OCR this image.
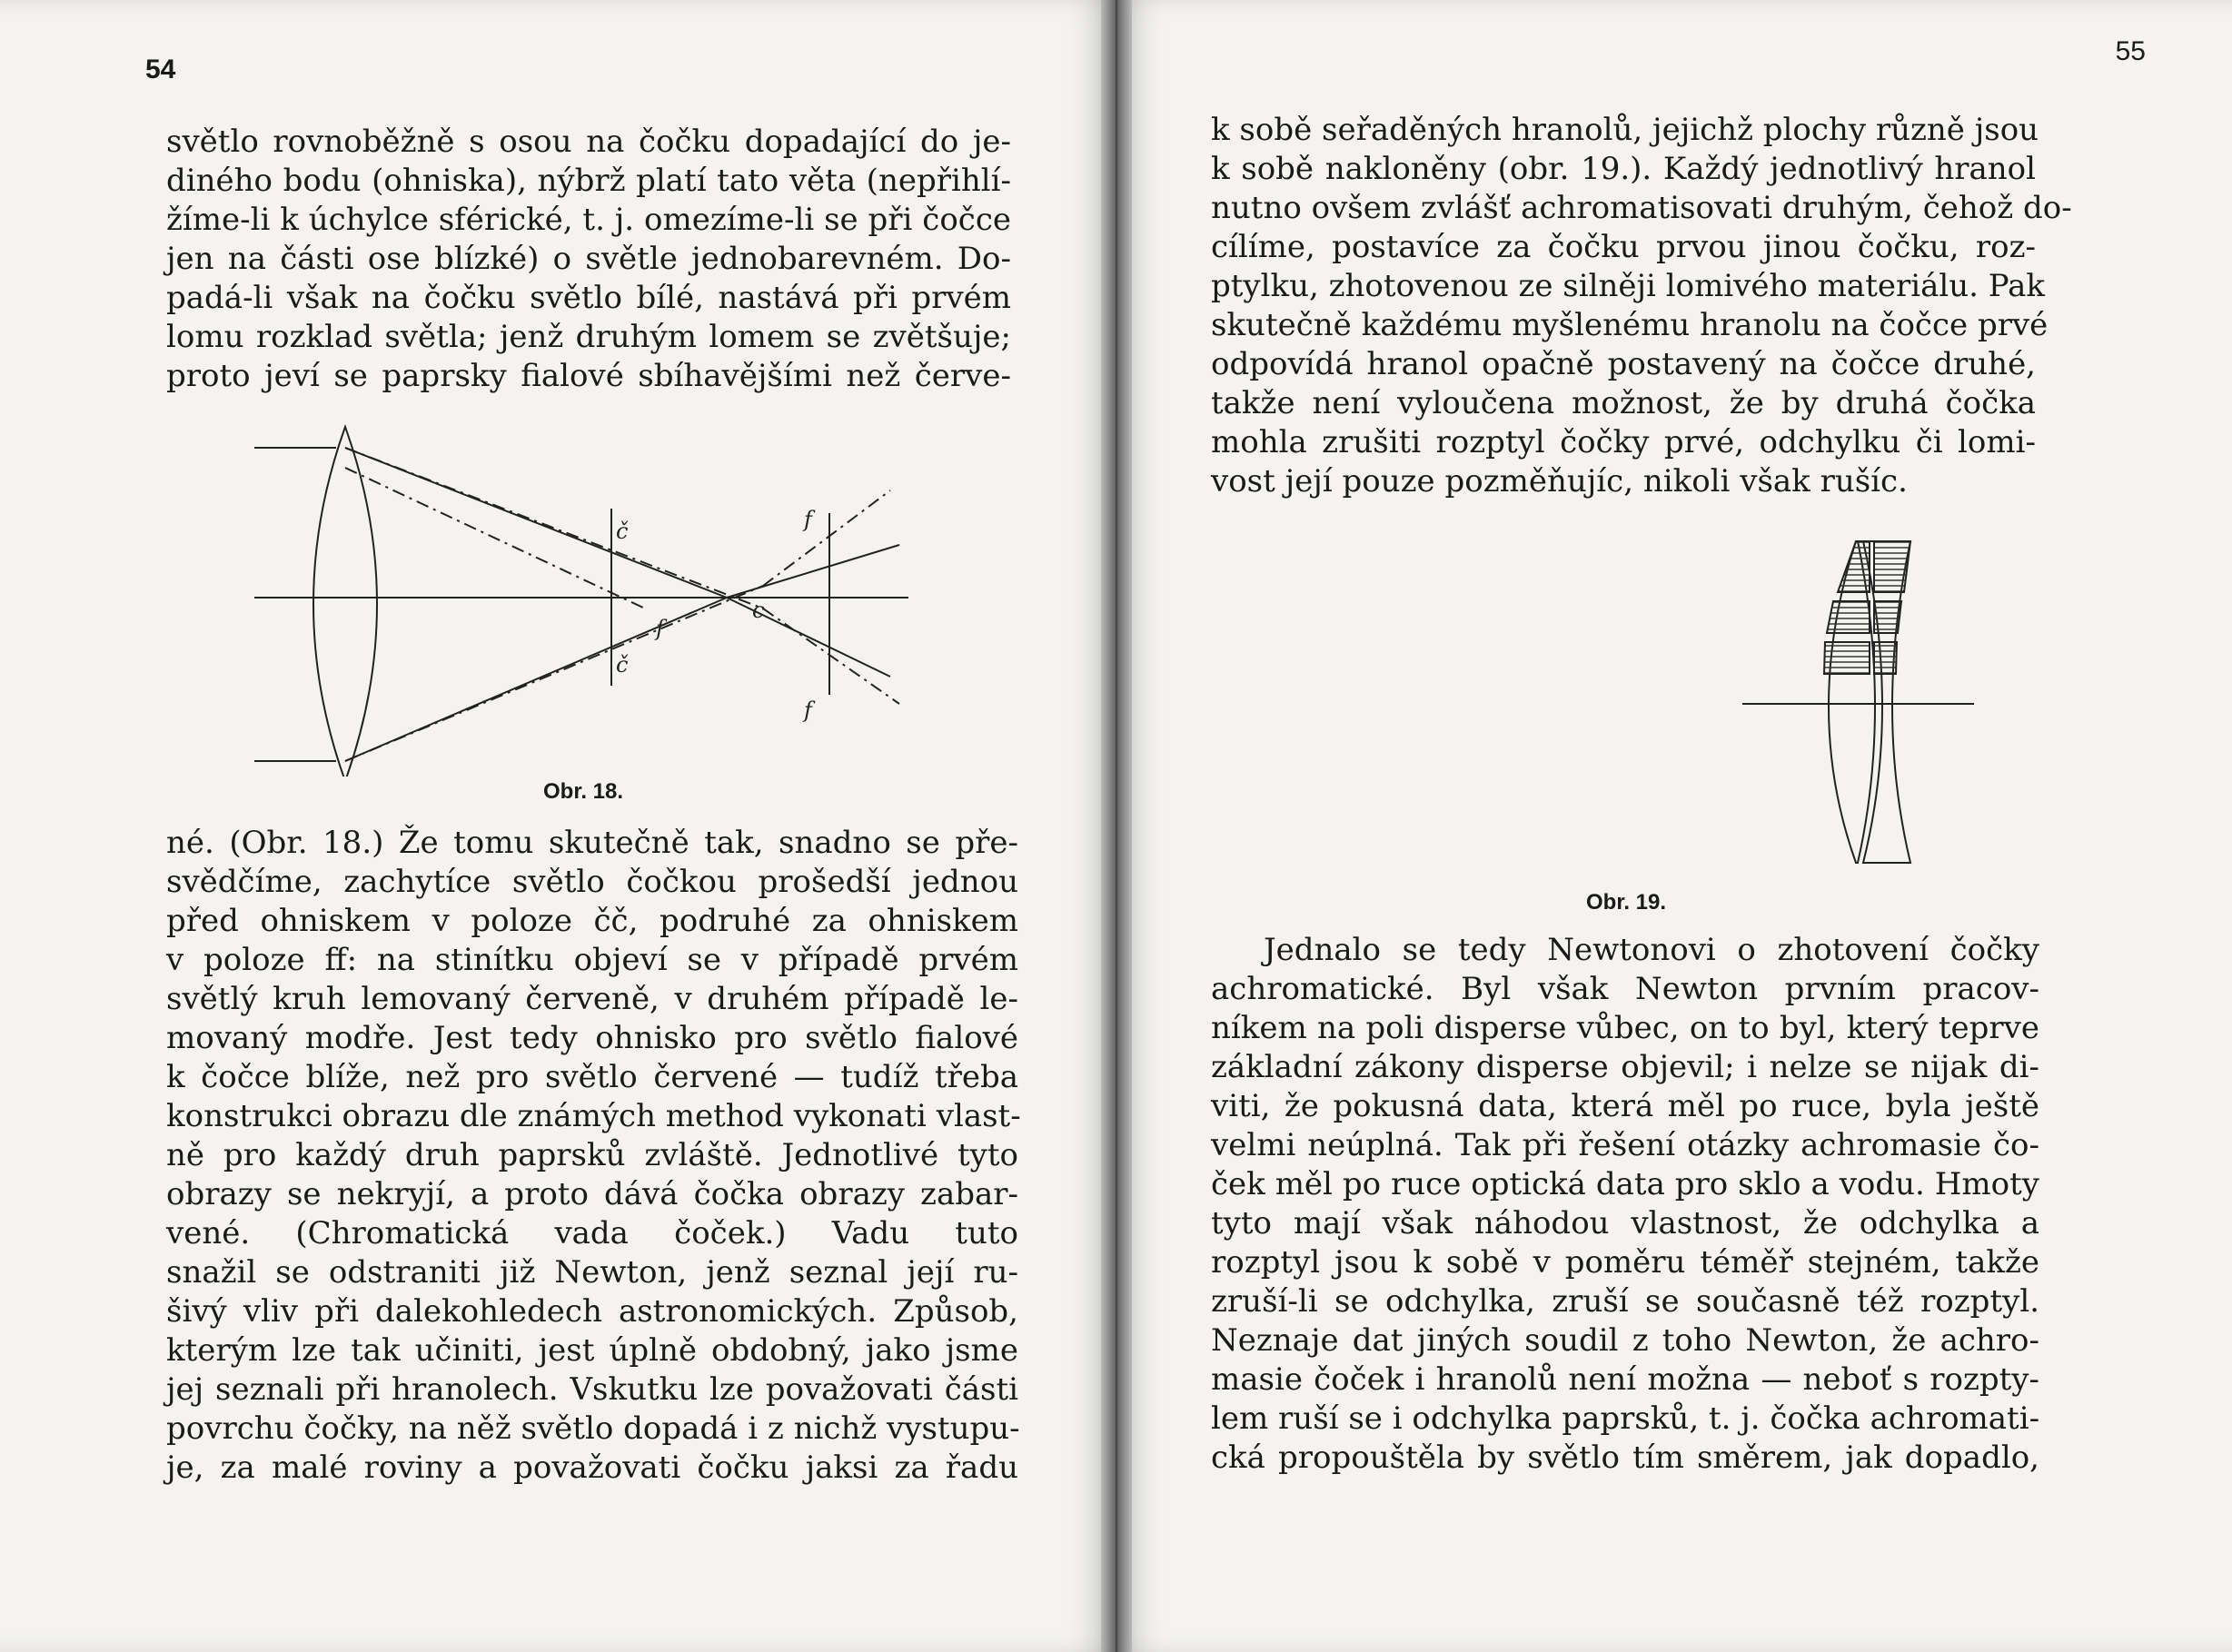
54

světlo rovnoběžně s osou na čočku dopadající do je-
diného bodu (ohniska), nýbrž platí tato věta (nepřihlí-
žíme-li k úchylce sférické, t. j. omezíme-li se při čočce
jen na části ose blízké) o světle jednobarevném. Do-
padá-li však na čočku světlo bílé, nastává při prvém
lomu rozklad světla; jenž druhým lomem se zvětšuje;
proto jeví se paprsky fialové sbíhavějšími než červe-

č
č
f
f
f
c

Obr. 18.

né. (Obr. 18.) Že tomu skutečně tak, snadno se pře-
svědčíme, zachytíce světlo čočkou prošedší jednou
před ohniskem v poloze čč, podruhé za ohniskem
v poloze ff: na stinítku objeví se v případě prvém
světlý kruh lemovaný červeně, v druhém případě le-
movaný modře. Jest tedy ohnisko pro světlo fialové
k čočce blíže, než pro světlo červené — tudíž třeba
konstrukci obrazu dle známých method vykonati vlast-
ně pro každý druh paprsků zvláště. Jednotlivé tyto
obrazy se nekryjí, a proto dává čočka obrazy zabar-
vené. (Chromatická vada čoček.) Vadu tuto
snažil se odstraniti již Newton, jenž seznal její ru-
šivý vliv při dalekohledech astronomických. Způsob,
kterým lze tak učiniti, jest úplně obdobný, jako jsme
jej seznali při hranolech. Vskutku lze považovati části
povrchu čočky, na něž světlo dopadá i z nichž vystupu-
je, za malé roviny a považovati čočku jaksi za řadu

55

k sobě seřaděných hranolů, jejichž plochy různě jsou
k sobě nakloněny (obr. 19.). Každý jednotlivý hranol
nutno ovšem zvlášť achromatisovati druhým, čehož do-
cílíme, postavíce za čočku prvou jinou čočku, roz-
ptylku, zhotovenou ze silněji lomivého materiálu. Pak
skutečně každému myšlenému hranolu na čočce prvé
odpovídá hranol opačně postavený na čočce druhé,
takže není vyloučena možnost, že by druhá čočka
mohla zrušiti rozptyl čočky prvé, odchylku či lomi-
vost její pouze pozměňujíc, nikoli však rušíc.

Obr. 19.

Jednalo se tedy Newtonovi o zhotovení čočky
achromatické. Byl však Newton prvním pracov-
níkem na poli disperse vůbec, on to byl, který teprve
základní zákony disperse objevil; i nelze se nijak di-
viti, že pokusná data, která měl po ruce, byla ještě
velmi neúplná. Tak při řešení otázky achromasie čo-
ček měl po ruce optická data pro sklo a vodu. Hmoty
tyto mají však náhodou vlastnost, že odchylka a
rozptyl jsou k sobě v poměru téměř stejném, takže
zruší-li se odchylka, zruší se současně též rozptyl.
Neznaje dat jiných soudil z toho Newton, že achro-
masie čoček i hranolů není možna — neboť s rozpty-
lem ruší se i odchylka paprsků, t. j. čočka achromati-
cká propouštěla by světlo tím směrem, jak dopadlo,
